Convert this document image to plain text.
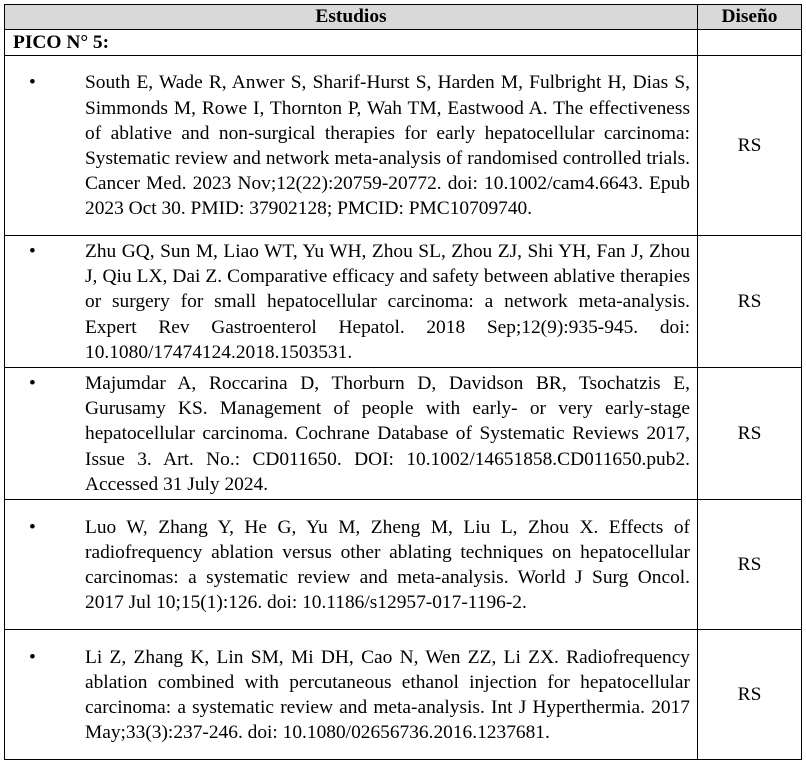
Estudios	Diseño
PICO N° 5:	

• South E, Wade R, Anwer S, Sharif-Hurst S, Harden M, Fulbright H, Dias S, Simmonds M, Rowe I, Thornton P, Wah TM, Eastwood A. The effectiveness of ablative and non-surgical therapies for early hepatocellular carcinoma: Systematic review and network meta-analysis of randomised controlled trials. Cancer Med. 2023 Nov;12(22):20759-20772. doi: 10.1002/cam4.6643. Epub 2023 Oct 30. PMID: 37902128; PMCID: PMC10709740.	RS

• Zhu GQ, Sun M, Liao WT, Yu WH, Zhou SL, Zhou ZJ, Shi YH, Fan J, Zhou J, Qiu LX, Dai Z. Comparative efficacy and safety between ablative therapies or surgery for small hepatocellular carcinoma: a network meta-analysis. Expert Rev Gastroenterol Hepatol. 2018 Sep;12(9):935-945. doi: 10.1080/17474124.2018.1503531.	RS

• Majumdar A, Roccarina D, Thorburn D, Davidson BR, Tsochatzis E, Gurusamy KS. Management of people with early- or very early-stage hepatocellular carcinoma. Cochrane Database of Systematic Reviews 2017, Issue 3. Art. No.: CD011650. DOI: 10.1002/14651858.CD011650.pub2. Accessed 31 July 2024.	RS

• Luo W, Zhang Y, He G, Yu M, Zheng M, Liu L, Zhou X. Effects of radiofrequency ablation versus other ablating techniques on hepatocellular carcinomas: a systematic review and meta-analysis. World J Surg Oncol. 2017 Jul 10;15(1):126. doi: 10.1186/s12957-017-1196-2.	RS

• Li Z, Zhang K, Lin SM, Mi DH, Cao N, Wen ZZ, Li ZX. Radiofrequency ablation combined with percutaneous ethanol injection for hepatocellular carcinoma: a systematic review and meta-analysis. Int J Hyperthermia. 2017 May;33(3):237-246. doi: 10.1080/02656736.2016.1237681.	RS
